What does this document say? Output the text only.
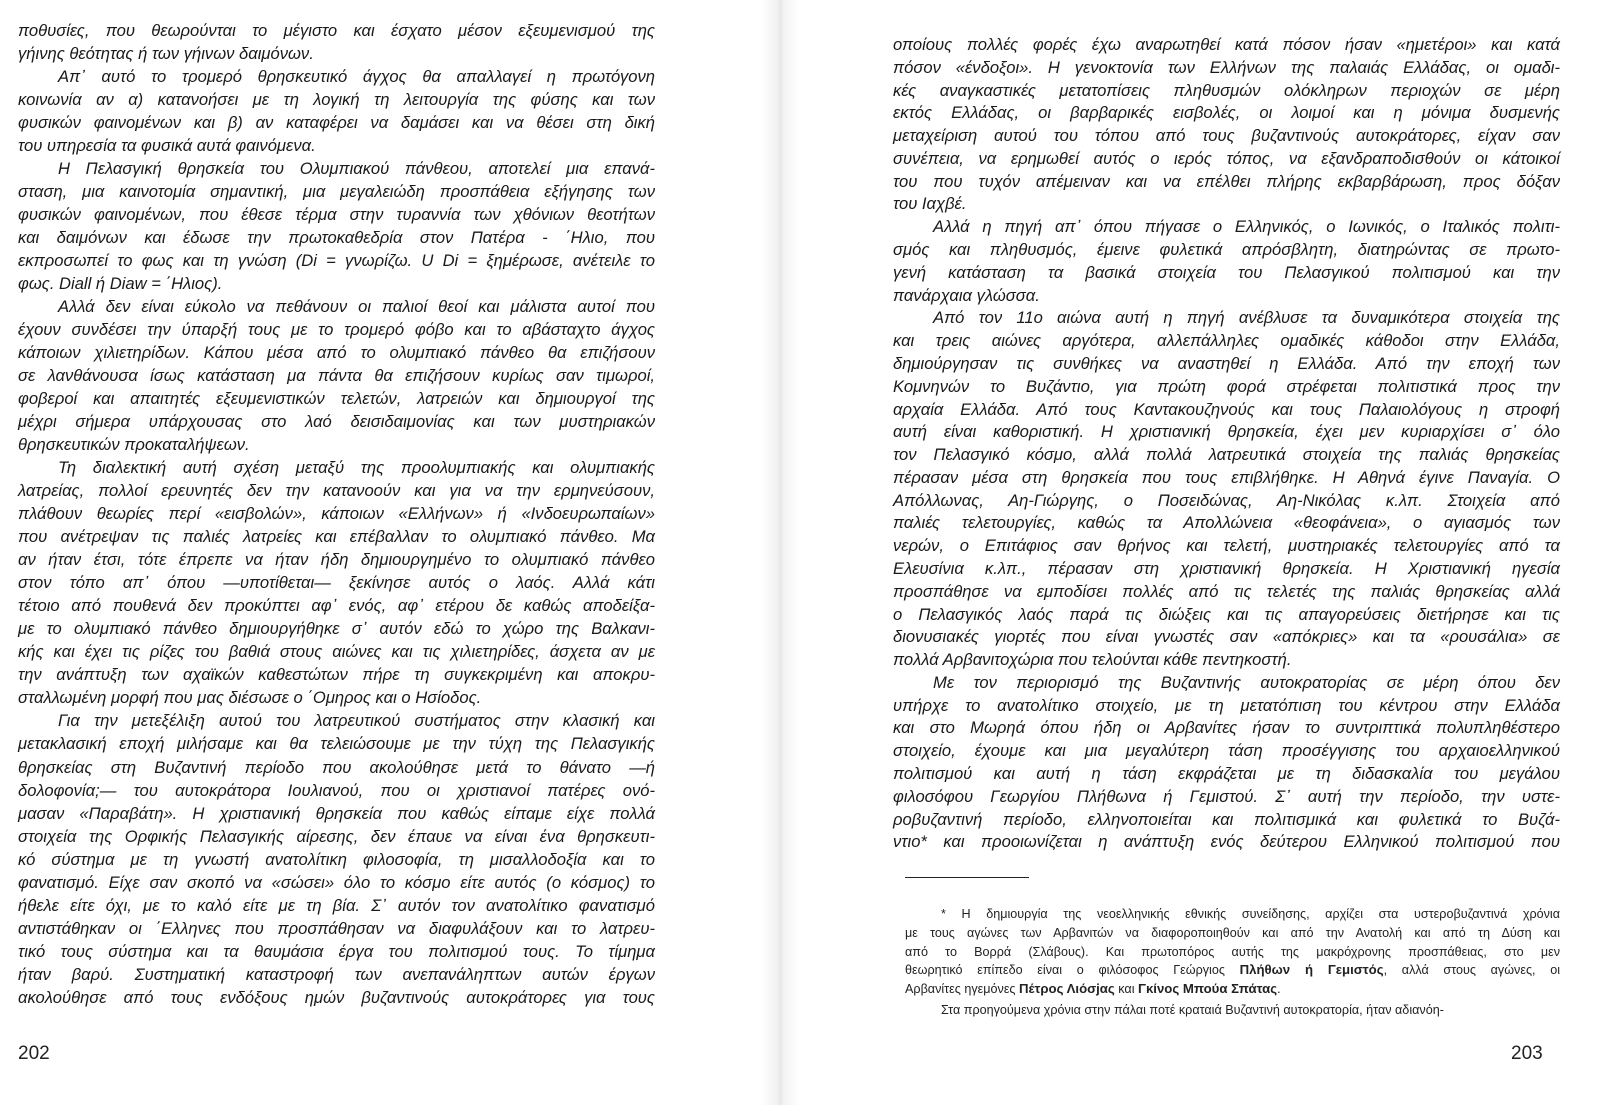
ποθυσίες, που θεωρούνται το μέγιστο και έσχατο μέσον εξευμενισμού της
γήινης θεότητας ή των γήινων δαιμόνων.
Απ᾽ αυτό το τρομερό θρησκευτικό άγχος θα απαλλαγεί η πρωτόγονη
κοινωνία αν α) κατανοήσει με τη λογική τη λειτουργία της φύσης και των
φυσικών φαινομένων και β) αν καταφέρει να δαμάσει και να θέσει στη δική
του υπηρεσία τα φυσικά αυτά φαινόμενα.
Η Πελασγική θρησκεία του Ολυμπιακού πάνθεου, αποτελεί μια επανά-
σταση, μια καινοτομία σημαντική, μια μεγαλειώδη προσπάθεια εξήγησης των
φυσικών φαινομένων, που έθεσε τέρμα στην τυραννία των χθόνιων θεοτήτων
και δαιμόνων και έδωσε την πρωτοκαθεδρία στον Πατέρα - ΄Ηλιο, που
εκπροσωπεί το φως και τη γνώση (Di = γνωρίζω. U Di = ξημέρωσε, ανέτειλε το
φως. Diall ή Diaw = ΄Ηλιος).
Αλλά δεν είναι εύκολο να πεθάνουν οι παλιοί θεοί και μάλιστα αυτοί που
έχουν συνδέσει την ύπαρξή τους με το τρομερό φόβο και το αβάσταχτο άγχος
κάποιων χιλιετηρίδων. Κάπου μέσα από το ολυμπιακό πάνθεο θα επιζήσουν
σε λανθάνουσα ίσως κατάσταση μα πάντα θα επιζήσουν κυρίως σαν τιμωροί,
φοβεροί και απαιτητές εξευμενιστικών τελετών, λατρειών και δημιουργοί της
μέχρι σήμερα υπάρχουσας στο λαό δεισιδαιμονίας και των μυστηριακών
θρησκευτικών προκαταλήψεων.
Τη διαλεκτική αυτή σχέση μεταξύ της προολυμπιακής και ολυμπιακής
λατρείας, πολλοί ερευνητές δεν την κατανοούν και για να την ερμηνεύσουν,
πλάθουν θεωρίες περί «εισβολών», κάποιων «Ελλήνων» ή «Ινδοευρωπαίων»
που ανέτρεψαν τις παλιές λατρείες και επέβαλλαν το ολυμπιακό πάνθεο. Μα
αν ήταν έτσι, τότε έπρεπε να ήταν ήδη δημιουργημένο το ολυμπιακό πάνθεο
στον τόπο απ᾽ όπου —υποτίθεται— ξεκίνησε αυτός ο λαός. Αλλά κάτι
τέτοιο από πουθενά δεν προκύπτει αφ᾽ ενός, αφ᾽ ετέρου δε καθώς αποδείξα-
με το ολυμπιακό πάνθεο δημιουργήθηκε σ᾽ αυτόν εδώ το χώρο της Βαλκανι-
κής και έχει τις ρίζες του βαθιά στους αιώνες και τις χιλιετηρίδες, άσχετα αν με
την ανάπτυξη των αχαϊκών καθεστώτων πήρε τη συγκεκριμένη και αποκρυ-
σταλλωμένη μορφή που μας διέσωσε ο ΄Ομηρος και ο Ησίοδος.
Για την μετεξέλιξη αυτού του λατρευτικού συστήματος στην κλασική και
μετακλασική εποχή μιλήσαμε και θα τελειώσουμε με την τύχη της Πελασγικής
θρησκείας στη Βυζαντινή περίοδο που ακολούθησε μετά το θάνατο —ή
δολοφονία;— του αυτοκράτορα Ιουλιανού, που οι χριστιανοί πατέρες ονό-
μασαν «Παραβάτη». Η χριστιανική θρησκεία που καθώς είπαμε είχε πολλά
στοιχεία της Ορφικής Πελασγικής αίρεσης, δεν έπαυε να είναι ένα θρησκευτι-
κό σύστημα με τη γνωστή ανατολίτικη φιλοσοφία, τη μισαλλοδοξία και το
φανατισμό. Είχε σαν σκοπό να «σώσει» όλο το κόσμο είτε αυτός (ο κόσμος) το
ήθελε είτε όχι, με το καλό είτε με τη βία. Σ᾽ αυτόν τον ανατολίτικο φανατισμό
αντιστάθηκαν οι ΄Ελληνες που προσπάθησαν να διαφυλάξουν και το λατρευ-
τικό τους σύστημα και τα θαυμάσια έργα του πολιτισμού τους. Το τίμημα
ήταν βαρύ. Συστηματική καταστροφή των ανεπανάληπτων αυτών έργων
ακολούθησε από τους ενδόξους ημών βυζαντινούς αυτοκράτορες για τους
202
οποίους πολλές φορές έχω αναρωτηθεί κατά πόσον ήσαν «ημετέροι» και κατά
πόσον «ένδοξοι». Η γενοκτονία των Ελλήνων της παλαιάς Ελλάδας, οι ομαδι-
κές αναγκαστικές μετατοπίσεις πληθυσμών ολόκληρων περιοχών σε μέρη
εκτός Ελλάδας, οι βαρβαρικές εισβολές, οι λοιμοί και η μόνιμα δυσμενής
μεταχείριση αυτού του τόπου από τους βυζαντινούς αυτοκράτορες, είχαν σαν
συνέπεια, να ερημωθεί αυτός ο ιερός τόπος, να εξανδραποδισθούν οι κάτοικοί
του που τυχόν απέμειναν και να επέλθει πλήρης εκβαρβάρωση, προς δόξαν
του Ιαχβέ.
Αλλά η πηγή απ᾽ όπου πήγασε ο Ελληνικός, ο Ιωνικός, ο Ιταλικός πολιτι-
σμός και πληθυσμός, έμεινε φυλετικά απρόσβλητη, διατηρώντας σε πρωτο-
γενή κατάσταση τα βασικά στοιχεία του Πελασγικού πολιτισμού και την
πανάρχαια γλώσσα.
Από τον 11ο αιώνα αυτή η πηγή ανέβλυσε τα δυναμικότερα στοιχεία της
και τρεις αιώνες αργότερα, αλλεπάλληλες ομαδικές κάθοδοι στην Ελλάδα,
δημιούργησαν τις συνθήκες να αναστηθεί η Ελλάδα. Από την εποχή των
Κομνηνών το Βυζάντιο, για πρώτη φορά στρέφεται πολιτιστικά προς την
αρχαία Ελλάδα. Από τους Καντακουζηνούς και τους Παλαιολόγους η στροφή
αυτή είναι καθοριστική. Η χριστιανική θρησκεία, έχει μεν κυριαρχίσει σ᾽ όλο
τον Πελασγικό κόσμο, αλλά πολλά λατρευτικά στοιχεία της παλιάς θρησκείας
πέρασαν μέσα στη θρησκεία που τους επιβλήθηκε. Η Αθηνά έγινε Παναγία. Ο
Απόλλωνας, Αη-Γιώργης, ο Ποσειδώνας, Αη-Νικόλας κ.λπ. Στοιχεία από
παλιές τελετουργίες, καθώς τα Απολλώνεια «θεοφάνεια», ο αγιασμός των
νερών, ο Επιτάφιος σαν θρήνος και τελετή, μυστηριακές τελετουργίες από τα
Ελευσίνια κ.λπ., πέρασαν στη χριστιανική θρησκεία. Η Χριστιανική ηγεσία
προσπάθησε να εμποδίσει πολλές από τις τελετές της παλιάς θρησκείας αλλά
ο Πελασγικός λαός παρά τις διώξεις και τις απαγορεύσεις διετήρησε και τις
διονυσιακές γιορτές που είναι γνωστές σαν «απόκριες» και τα «ρουσάλια» σε
πολλά Αρβανιτοχώρια που τελούνται κάθε πεντηκοστή.
Με τον περιορισμό της Βυζαντινής αυτοκρατορίας σε μέρη όπου δεν
υπήρχε το ανατολίτικο στοιχείο, με τη μετατόπιση του κέντρου στην Ελλάδα
και στο Μωρηά όπου ήδη οι Αρβανίτες ήσαν το συντριπτικά πολυπληθέστερο
στοιχείο, έχουμε και μια μεγαλύτερη τάση προσέγγισης του αρχαιοελληνικού
πολιτισμού και αυτή η τάση εκφράζεται με τη διδασκαλία του μεγάλου
φιλοσόφου Γεωργίου Πλήθωνα ή Γεμιστού. Σ᾽ αυτή την περίοδο, την υστε-
ροβυζαντινή περίοδο, ελληνοποιείται και πολιτισμικά και φυλετικά το Βυζά-
ντιο* και προοιωνίζεται η ανάπτυξη ενός δεύτερου Ελληνικού πολιτισμού που
* Η δημιουργία της νεοελληνικής εθνικής συνείδησης, αρχίζει στα υστεροβυζαντινά χρόνια
με τους αγώνες των Αρβανιτών να διαφοροποιηθούν και από την Ανατολή και από τη Δύση και
από το Βορρά (Σλάβους). Και πρωτοπόρος αυτής της μακρόχρονης προσπάθειας, στο μεν
θεωρητικό επίπεδο είναι ο φιλόσοφος Γεώργιος Πλήθων ή Γεμιστός, αλλά στους αγώνες, οι
Αρβανίτες ηγεμόνες Πέτρος Λιόσjας και Γκίνος Μπούα Σπάτας.
Στα προηγούμενα χρόνια στην πάλαι ποτέ κραταιά Βυζαντινή αυτοκρατορία, ήταν αδιανόη-
203
